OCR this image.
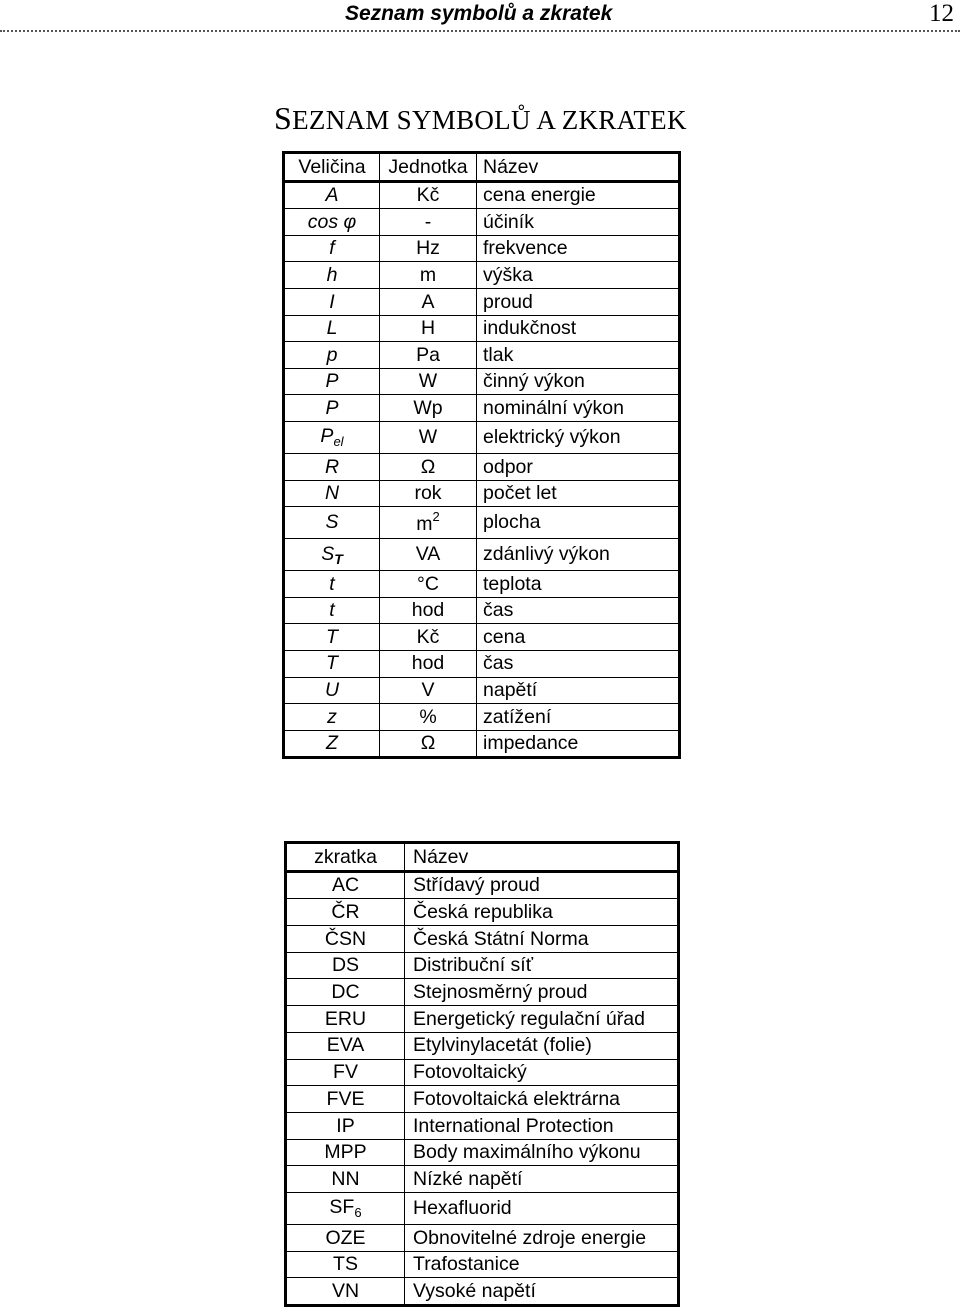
Seznam symbolů a zkratek	12
SEZNAM SYMBOLŮ A ZKRATEK
Veličina	Jednotka	Název
A	Kč	cena energie
cos φ	-	účiník
f	Hz	frekvence
h	m	výška
I	A	proud
L	H	indukčnost
p	Pa	tlak
P	W	činný výkon
P	Wp	nominální výkon
$P_{el}$	W	elektrický výkon
R	Ω	odpor
N	rok	počet let
S	$m^2$	plocha
$S_T$	VA	zdánlivý výkon
t	°C	teplota
t	hod	čas
T	Kč	cena
T	hod	čas
U	V	napětí
z	%	zatížení
Z	Ω	impedance
zkratka	Název
AC	Střídavý proud
ČR	Česká republika
ČSN	Česká Státní Norma
DS	Distribuční síť
DC	Stejnosměrný proud
ERU	Energetický regulační úřad
EVA	Etylvinylacetát (folie)
FV	Fotovoltaický
FVE	Fotovoltaická elektrárna
IP	International Protection
MPP	Body maximálního výkonu
NN	Nízké napětí
$SF_6$	Hexafluorid
OZE	Obnovitelné zdroje energie
TS	Trafostanice
VN	Vysoké napětí
